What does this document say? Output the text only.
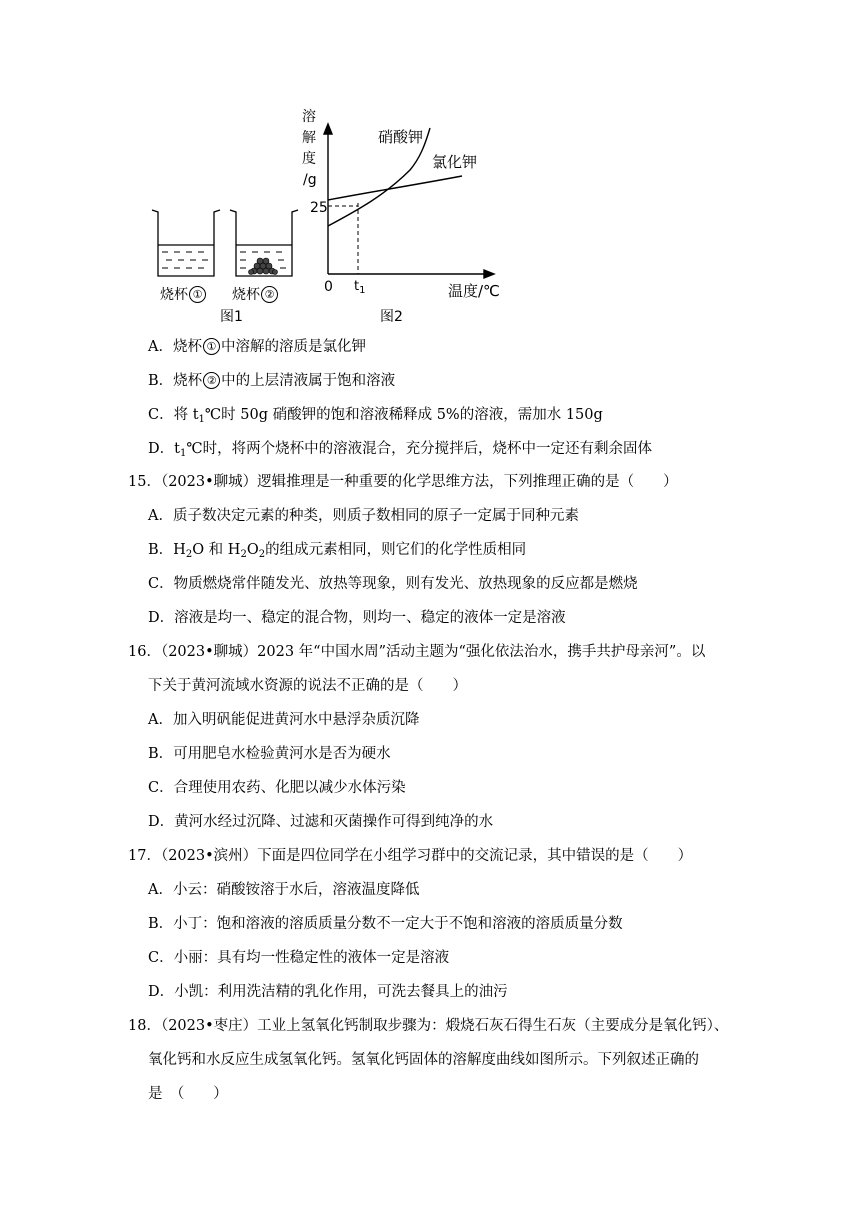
烧杯 ①	烧杯 ②
图1	图2
溶
解
度
/g
25
0 $t_1$	温度/℃
硝酸钾
氯化钾
A．烧杯 ① 中溶解的溶质是氯化钾
B．烧杯 ② 中的上层清液属于饱和溶液
C．将 $t_1℃$时 50g 硝酸钾的饱和溶液稀释成 5%的溶液，需加水 150g
D．$t_1℃$时，将两个烧杯中的溶液混合，充分搅拌后，烧杯中一定还有剩余固体
15．（2023•聊城）逻辑推理是一种重要的化学思维方法，下列推理正确的是（　　）
A．质子数决定元素的种类，则质子数相同的原子一定属于同种元素
B．$H_2O$ 和 $H_2O_2$的组成元素相同，则它们的化学性质相同
C．物质燃烧常伴随发光、放热等现象，则有发光、放热现象的反应都是燃烧
D．溶液是均一、稳定的混合物，则均一、稳定的液体一定是溶液
16．（2023•聊城）2023 年“中国水周”活动主题为“强化依法治水，携手共护母亲河”。以
下关于黄河流域水资源的说法不正确的是（　　）
A．加入明矾能促进黄河水中悬浮杂质沉降
B．可用肥皂水检验黄河水是否为硬水
C．合理使用农药、化肥以减少水体污染
D．黄河水经过沉降、过滤和灭菌操作可得到纯净的水
17．（2023•滨州）下面是四位同学在小组学习群中的交流记录，其中错误的是（　　）
A．小云：硝酸铵溶于水后，溶液温度降低
B．小丁：饱和溶液的溶质质量分数不一定大于不饱和溶液的溶质质量分数
C．小丽：具有均一性稳定性的液体一定是溶液
D．小凯：利用洗洁精的乳化作用，可洗去餐具上的油污
18．（2023•枣庄）工业上氢氧化钙制取步骤为：煅烧石灰石得生石灰（主要成分是氧化钙）、
氧化钙和水反应生成氢氧化钙。氢氧化钙固体的溶解度曲线如图所示。下列叙述正确的
是　（　　）
